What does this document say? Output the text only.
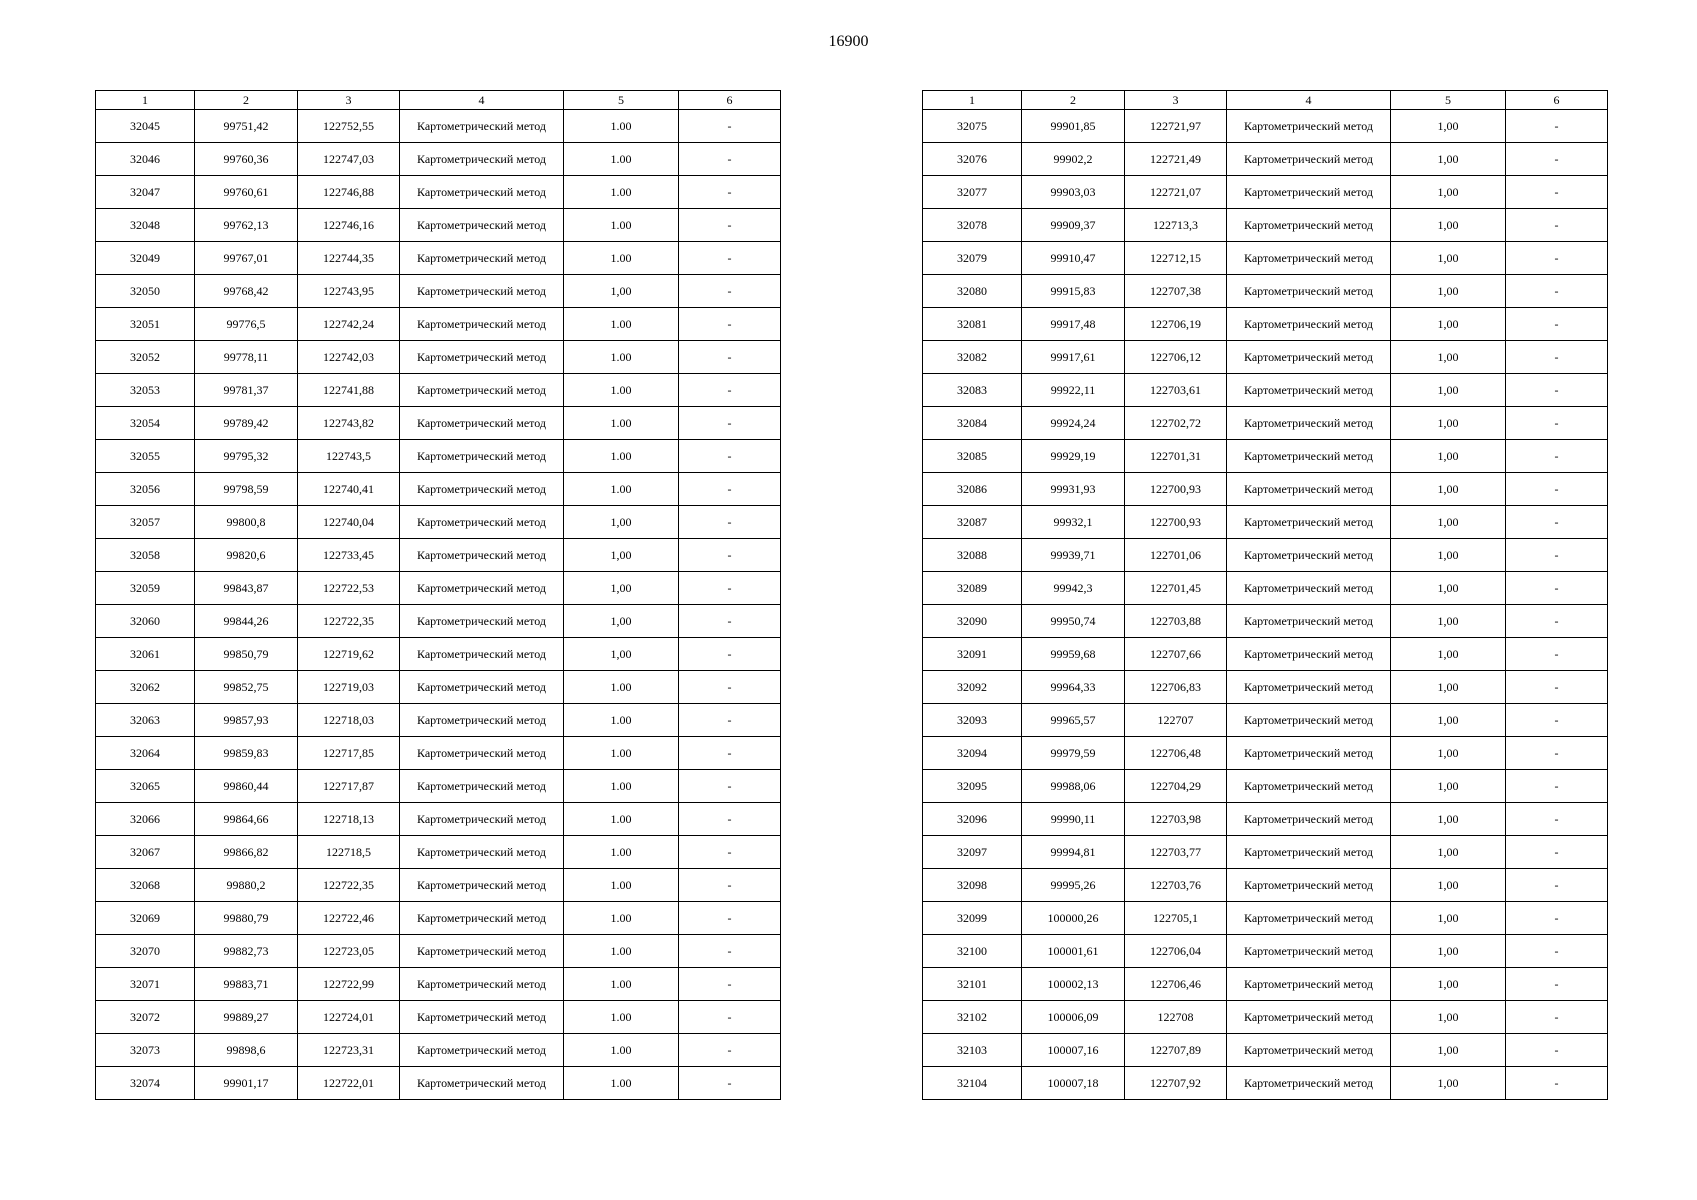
16900
1	2	3	4	5	6
32045	99751,42	122752,55	Картометрический метод	1.00	-
32046	99760,36	122747,03	Картометрический метод	1.00	-
32047	99760,61	122746,88	Картометрический метод	1.00	-
32048	99762,13	122746,16	Картометрический метод	1.00	-
32049	99767,01	122744,35	Картометрический метод	1.00	-
32050	99768,42	122743,95	Картометрический метод	1,00	-
32051	99776,5	122742,24	Картометрический метод	1.00	-
32052	99778,11	122742,03	Картометрический метод	1.00	-
32053	99781,37	122741,88	Картометрический метод	1.00	-
32054	99789,42	122743,82	Картометрический метод	1.00	-
32055	99795,32	122743,5	Картометрический метод	1.00	-
32056	99798,59	122740,41	Картометрический метод	1.00	-
32057	99800,8	122740,04	Картометрический метод	1,00	-
32058	99820,6	122733,45	Картометрический метод	1,00	-
32059	99843,87	122722,53	Картометрический метод	1,00	-
32060	99844,26	122722,35	Картометрический метод	1,00	-
32061	99850,79	122719,62	Картометрический метод	1,00	-
32062	99852,75	122719,03	Картометрический метод	1.00	-
32063	99857,93	122718,03	Картометрический метод	1.00	-
32064	99859,83	122717,85	Картометрический метод	1.00	-
32065	99860,44	122717,87	Картометрический метод	1.00	-
32066	99864,66	122718,13	Картометрический метод	1.00	-
32067	99866,82	122718,5	Картометрический метод	1.00	-
32068	99880,2	122722,35	Картометрический метод	1.00	-
32069	99880,79	122722,46	Картометрический метод	1.00	-
32070	99882,73	122723,05	Картометрический метод	1.00	-
32071	99883,71	122722,99	Картометрический метод	1.00	-
32072	99889,27	122724,01	Картометрический метод	1.00	-
32073	99898,6	122723,31	Картометрический метод	1.00	-
32074	99901,17	122722,01	Картометрический метод	1.00	-
1	2	3	4	5	6
32075	99901,85	122721,97	Картометрический метод	1,00	-
32076	99902,2	122721,49	Картометрический метод	1,00	-
32077	99903,03	122721,07	Картометрический метод	1,00	-
32078	99909,37	122713,3	Картометрический метод	1,00	-
32079	99910,47	122712,15	Картометрический метод	1,00	-
32080	99915,83	122707,38	Картометрический метод	1,00	-
32081	99917,48	122706,19	Картометрический метод	1,00	-
32082	99917,61	122706,12	Картометрический метод	1,00	-
32083	99922,11	122703,61	Картометрический метод	1,00	-
32084	99924,24	122702,72	Картометрический метод	1,00	-
32085	99929,19	122701,31	Картометрический метод	1,00	-
32086	99931,93	122700,93	Картометрический метод	1,00	-
32087	99932,1	122700,93	Картометрический метод	1,00	-
32088	99939,71	122701,06	Картометрический метод	1,00	-
32089	99942,3	122701,45	Картометрический метод	1,00	-
32090	99950,74	122703,88	Картометрический метод	1,00	-
32091	99959,68	122707,66	Картометрический метод	1,00	-
32092	99964,33	122706,83	Картометрический метод	1,00	-
32093	99965,57	122707	Картометрический метод	1,00	-
32094	99979,59	122706,48	Картометрический метод	1,00	-
32095	99988,06	122704,29	Картометрический метод	1,00	-
32096	99990,11	122703,98	Картометрический метод	1,00	-
32097	99994,81	122703,77	Картометрический метод	1,00	-
32098	99995,26	122703,76	Картометрический метод	1,00	-
32099	100000,26	122705,1	Картометрический метод	1,00	-
32100	100001,61	122706,04	Картометрический метод	1,00	-
32101	100002,13	122706,46	Картометрический метод	1,00	-
32102	100006,09	122708	Картометрический метод	1,00	-
32103	100007,16	122707,89	Картометрический метод	1,00	-
32104	100007,18	122707,92	Картометрический метод	1,00	-
